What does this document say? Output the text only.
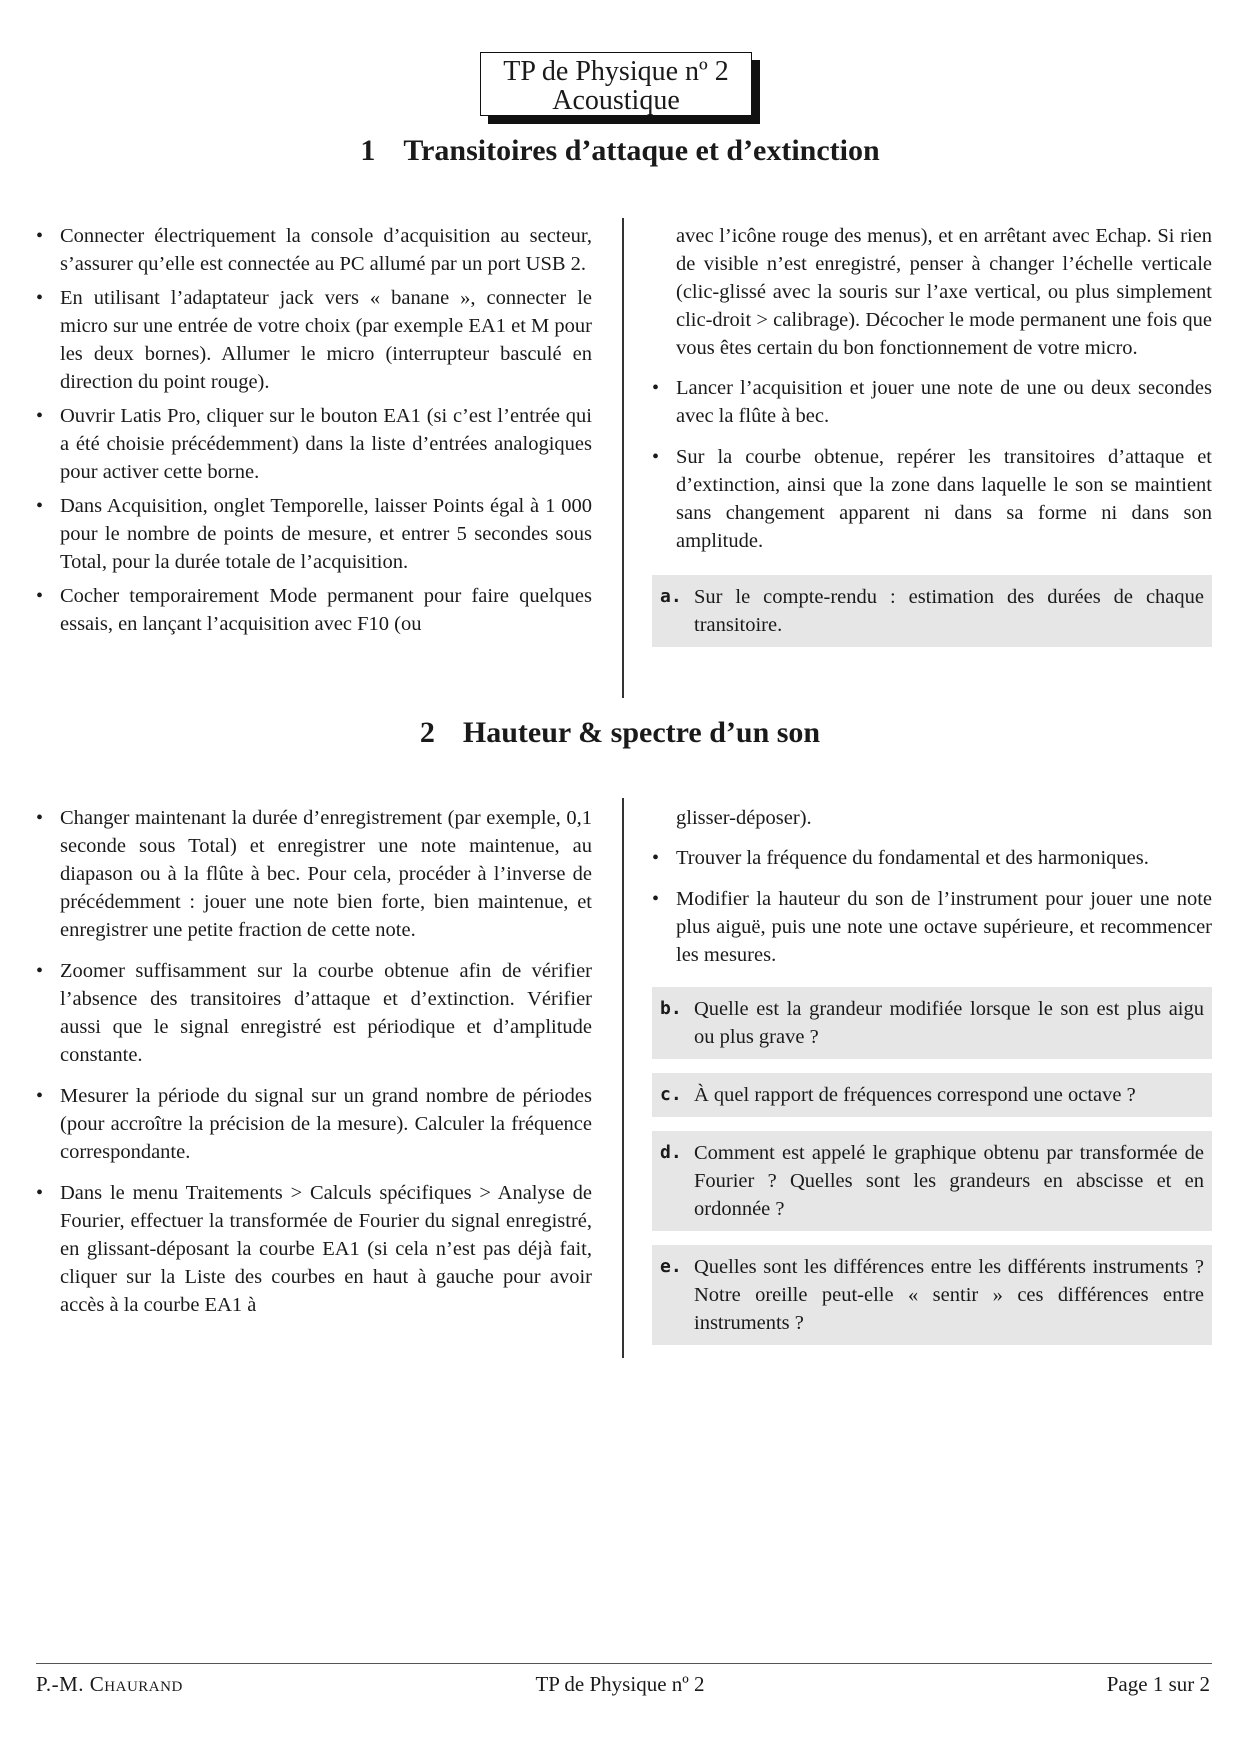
TP de Physique nº 2
Acoustique
1 Transitoires d’attaque et d’extinction
• Connecter électriquement la console d’acquisition au secteur, s’assurer qu’elle est connectée au PC allumé par un port USB 2.
• En utilisant l’adaptateur jack vers « banane », connecter le micro sur une entrée de votre choix (par exemple EA1 et M pour les deux bornes). Allumer le micro (interrupteur basculé en direction du point rouge).
• Ouvrir Latis Pro, cliquer sur le bouton EA1 (si c’est l’entrée qui a été choisie précédemment) dans la liste d’entrées analogiques pour activer cette borne.
• Dans Acquisition, onglet Temporelle, laisser Points égal à 1 000 pour le nombre de points de mesure, et entrer 5 secondes sous Total, pour la durée totale de l’acquisition.
• Cocher temporairement Mode permanent pour faire quelques essais, en lançant l’acquisition avec F10 (ou
avec l’icône rouge des menus), et en arrêtant avec Echap. Si rien de visible n’est enregistré, penser à changer l’échelle verticale (clic-glissé avec la souris sur l’axe vertical, ou plus simplement clic-droit > calibrage). Décocher le mode permanent une fois que vous êtes certain du bon fonctionnement de votre micro.
• Lancer l’acquisition et jouer une note de une ou deux secondes avec la flûte à bec.
• Sur la courbe obtenue, repérer les transitoires d’attaque et d’extinction, ainsi que la zone dans laquelle le son se maintient sans changement apparent ni dans sa forme ni dans son amplitude.
a. Sur le compte-rendu : estimation des durées de chaque transitoire.
2 Hauteur & spectre d’un son
• Changer maintenant la durée d’enregistrement (par exemple, 0,1 seconde sous Total) et enregistrer une note maintenue, au diapason ou à la flûte à bec. Pour cela, procéder à l’inverse de précédemment : jouer une note bien forte, bien maintenue, et enregistrer une petite fraction de cette note.
• Zoomer suffisamment sur la courbe obtenue afin de vérifier l’absence des transitoires d’attaque et d’extinction. Vérifier aussi que le signal enregistré est périodique et d’amplitude constante.
• Mesurer la période du signal sur un grand nombre de périodes (pour accroître la précision de la mesure). Calculer la fréquence correspondante.
• Dans le menu Traitements > Calculs spécifiques > Analyse de Fourier, effectuer la transformée de Fourier du signal enregistré, en glissant-déposant la courbe EA1 (si cela n’est pas déjà fait, cliquer sur la Liste des courbes en haut à gauche pour avoir accès à la courbe EA1 à
glisser-déposer).
• Trouver la fréquence du fondamental et des harmoniques.
• Modifier la hauteur du son de l’instrument pour jouer une note plus aiguë, puis une note une octave supérieure, et recommencer les mesures.
b. Quelle est la grandeur modifiée lorsque le son est plus aigu ou plus grave ?
c. À quel rapport de fréquences correspond une octave ?
d. Comment est appelé le graphique obtenu par transformée de Fourier ? Quelles sont les grandeurs en abscisse et en ordonnée ?
e. Quelles sont les différences entre les différents instruments ? Notre oreille peut-elle « sentir » ces différences entre instruments ?
P.-M. Chaurand	TP de Physique nº 2	Page 1 sur 2
